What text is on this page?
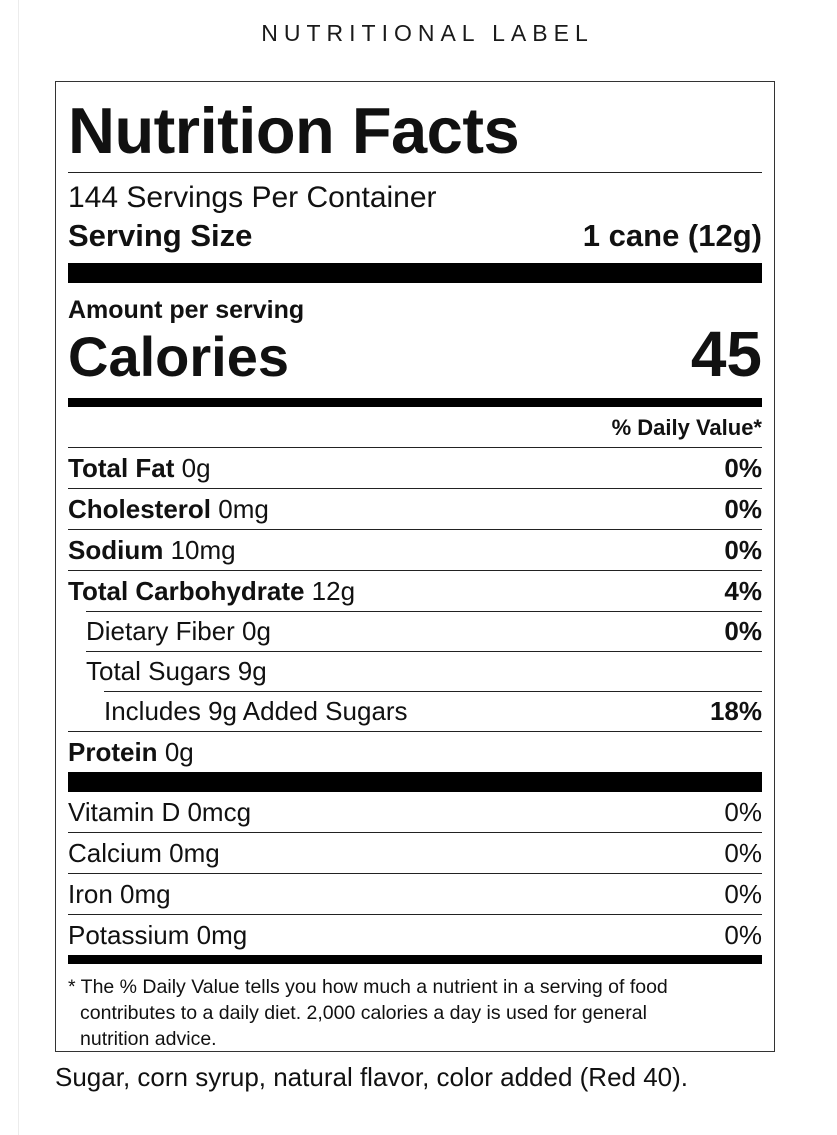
NUTRITIONAL LABEL
Nutrition Facts
144 Servings Per Container
Serving Size	1 cane (12g)
Amount per serving
Calories	45
% Daily Value*
Total Fat 0g	0%
Cholesterol 0mg	0%
Sodium 10mg	0%
Total Carbohydrate 12g	4%
Dietary Fiber 0g	0%
Total Sugars 9g
Includes 9g Added Sugars	18%
Protein 0g
Vitamin D 0mcg	0%
Calcium 0mg	0%
Iron 0mg	0%
Potassium 0mg	0%
* The % Daily Value tells you how much a nutrient in a serving of food
contributes to a daily diet. 2,000 calories a day is used for general
nutrition advice.
Sugar, corn syrup, natural flavor, color added (Red 40).
